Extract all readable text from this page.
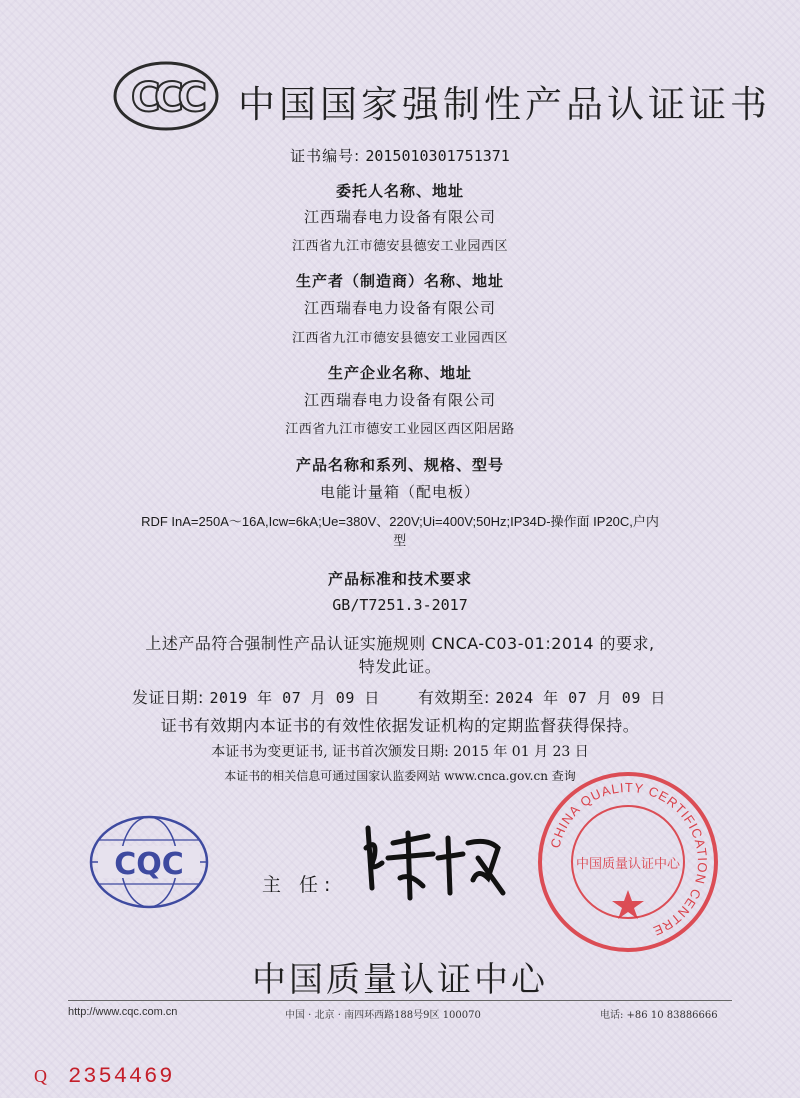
CCC 中国国家强制性产品认证证书
证书编号: 2015010301751371
委托人名称、地址
江西瑞春电力设备有限公司
江西省九江市德安县德安工业园西区
生产者（制造商）名称、地址
江西瑞春电力设备有限公司
江西省九江市德安县德安工业园西区
生产企业名称、地址
江西瑞春电力设备有限公司
江西省九江市德安工业园区西区阳居路
产品名称和系列、规格、型号
电能计量箱（配电板）
RDF InA=250A～16A,Icw=6kA;Ue=380V、220V;Ui=400V;50Hz;IP34D-操作面 IP20C,户内
型
产品标准和技术要求
GB/T7251.3-2017
上述产品符合强制性产品认证实施规则 CNCA-C03-01:2014 的要求,
特发此证。
发证日期: 2019 年 07 月 09 日 有效期至: 2024 年 07 月 09 日
证书有效期内本证书的有效性依据发证机构的定期监督获得保持。
本证书为变更证书, 证书首次颁发日期: 2015 年 01 月 23 日
本证书的相关信息可通过国家认监委网站 www.cnca.gov.cn 查询
CQC
主 任:
CHINA QUALITY CERTIFICATION CENTRE
中国质量认证中心
中国质量认证中心
http://www.cqc.com.cn	中国 · 北京 · 南四环西路188号9区 100070	电话: +86 10 83886666
Q 2354469
